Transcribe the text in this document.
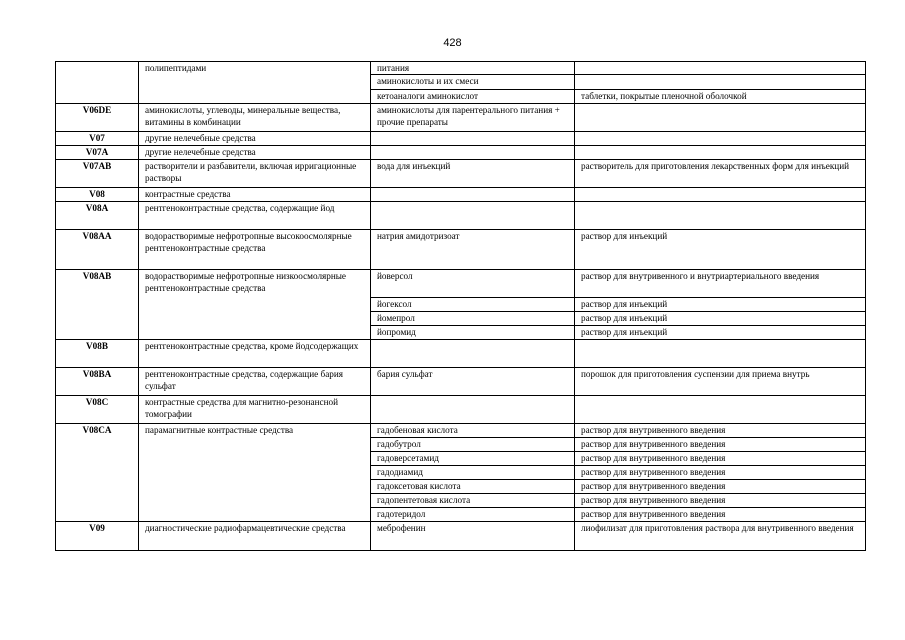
428
	полипептидами	питания	
		аминокислоты и их смеси	
		кетоаналоги аминокислот	таблетки, покрытые пленочной оболочкой
V06DE	аминокислоты, углеводы, минеральные вещества, витамины в комбинации	аминокислоты для парентерального питания + прочие препараты	
V07	другие нелечебные средства		
V07A	другие нелечебные средства		
V07AB	растворители и разбавители, включая ирригационные растворы	вода для инъекций	растворитель для приготовления лекарственных форм для инъекций
V08	контрастные средства		
V08A	рентгеноконтрастные средства, содержащие йод		
V08AA	водорастворимые нефротропные высокоосмолярные рентгеноконтрастные средства	натрия амидотризоат	раствор для инъекций
V08AB	водорастворимые нефротропные низкоосмолярные рентгеноконтрастные средства	йоверсол	раствор для внутривенного и внутриартериального введения
		йогексол	раствор для инъекций
		йомепрол	раствор для инъекций
		йопромид	раствор для инъекций
V08B	рентгеноконтрастные средства, кроме йодсодержащих		
V08BA	рентгеноконтрастные средства, содержащие бария сульфат	бария сульфат	порошок для приготовления суспензии для приема внутрь
V08C	контрастные средства для магнитно-резонансной томографии		
V08CA	парамагнитные контрастные средства	гадобеновая кислота	раствор для внутривенного введения
		гадобутрол	раствор для внутривенного введения
		гадоверсетамид	раствор для внутривенного введения
		гадодиамид	раствор для внутривенного введения
		гадоксетовая кислота	раствор для внутривенного введения
		гадопентетовая кислота	раствор для внутривенного введения
		гадотеридол	раствор для внутривенного введения
V09	диагностические радиофармацевтические средства	меброфенин	лиофилизат для приготовления раствора для внутривенного введения
